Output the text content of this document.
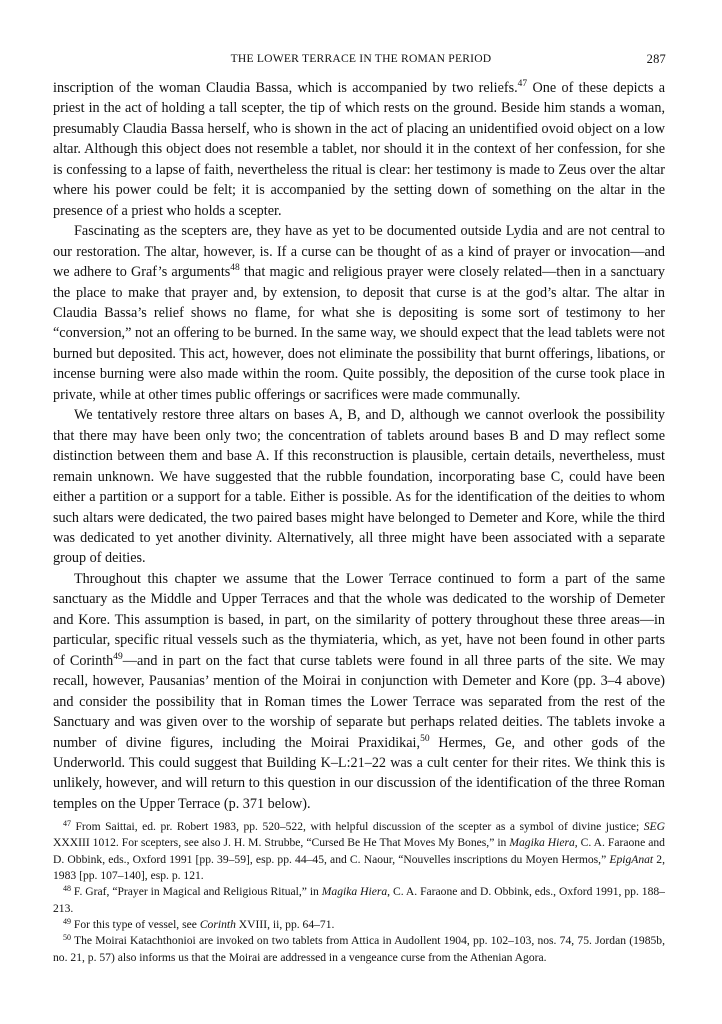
THE LOWER TERRACE IN THE ROMAN PERIOD	287

inscription of the woman Claudia Bassa, which is accompanied by two reliefs.$^{47}$ One of these depicts a priest in the act of holding a tall scepter, the tip of which rests on the ground. Beside him stands a woman, presumably Claudia Bassa herself, who is shown in the act of placing an unidentified ovoid object on a low altar. Although this object does not resemble a tablet, nor should it in the context of her confession, for she is confessing to a lapse of faith, nevertheless the ritual is clear: her testimony is made to Zeus over the altar where his power could be felt; it is accompanied by the setting down of something on the altar in the presence of a priest who holds a scepter.

Fascinating as the scepters are, they have as yet to be documented outside Lydia and are not central to our restoration. The altar, however, is. If a curse can be thought of as a kind of prayer or invocation—and we adhere to Graf’s arguments$^{48}$ that magic and religious prayer were closely related—then in a sanctuary the place to make that prayer and, by extension, to deposit that curse is at the god’s altar. The altar in Claudia Bassa’s relief shows no flame, for what she is depositing is some sort of testimony to her “conversion,” not an offering to be burned. In the same way, we should expect that the lead tablets were not burned but deposited. This act, however, does not eliminate the possibility that burnt offerings, libations, or incense burning were also made within the room. Quite possibly, the deposition of the curse took place in private, while at other times public offerings or sacrifices were made communally.

We tentatively restore three altars on bases A, B, and D, although we cannot overlook the possibility that there may have been only two; the concentration of tablets around bases B and D may reflect some distinction between them and base A. If this reconstruction is plausible, certain details, nevertheless, must remain unknown. We have suggested that the rubble foundation, incorporating base C, could have been either a partition or a support for a table. Either is possible. As for the identification of the deities to whom such altars were dedicated, the two paired bases might have belonged to Demeter and Kore, while the third was dedicated to yet another divinity. Alternatively, all three might have been associated with a separate group of deities.

Throughout this chapter we assume that the Lower Terrace continued to form a part of the same sanctuary as the Middle and Upper Terraces and that the whole was dedicated to the worship of Demeter and Kore. This assumption is based, in part, on the similarity of pottery throughout these three areas—in particular, specific ritual vessels such as the thymiateria, which, as yet, have not been found in other parts of Corinth$^{49}$—and in part on the fact that curse tablets were found in all three parts of the site. We may recall, however, Pausanias’ mention of the Moirai in conjunction with Demeter and Kore (pp. 3–4 above) and consider the possibility that in Roman times the Lower Terrace was separated from the rest of the Sanctuary and was given over to the worship of separate but perhaps related deities. The tablets invoke a number of divine figures, including the Moirai Praxidikai,$^{50}$ Hermes, Ge, and other gods of the Underworld. This could suggest that Building K–L:21–22 was a cult center for their rites. We think this is unlikely, however, and will return to this question in our discussion of the identification of the three Roman temples on the Upper Terrace (p. 371 below).

$^{47}$ From Saittai, ed. pr. Robert 1983, pp. 520–522, with helpful discussion of the scepter as a symbol of divine justice; SEG XXXIII 1012. For scepters, see also J. H. M. Strubbe, “Cursed Be He That Moves My Bones,” in Magika Hiera, C. A. Faraone and D. Obbink, eds., Oxford 1991 [pp. 39–59], esp. pp. 44–45, and C. Naour, “Nouvelles inscriptions du Moyen Hermos,” EpigAnat 2, 1983 [pp. 107–140], esp. p. 121.

$^{48}$ F. Graf, “Prayer in Magical and Religious Ritual,” in Magika Hiera, C. A. Faraone and D. Obbink, eds., Oxford 1991, pp. 188–213.

$^{49}$ For this type of vessel, see Corinth XVIII, ii, pp. 64–71.

$^{50}$ The Moirai Katachthonioi are invoked on two tablets from Attica in Audollent 1904, pp. 102–103, nos. 74, 75. Jordan (1985b, no. 21, p. 57) also informs us that the Moirai are addressed in a vengeance curse from the Athenian Agora.
